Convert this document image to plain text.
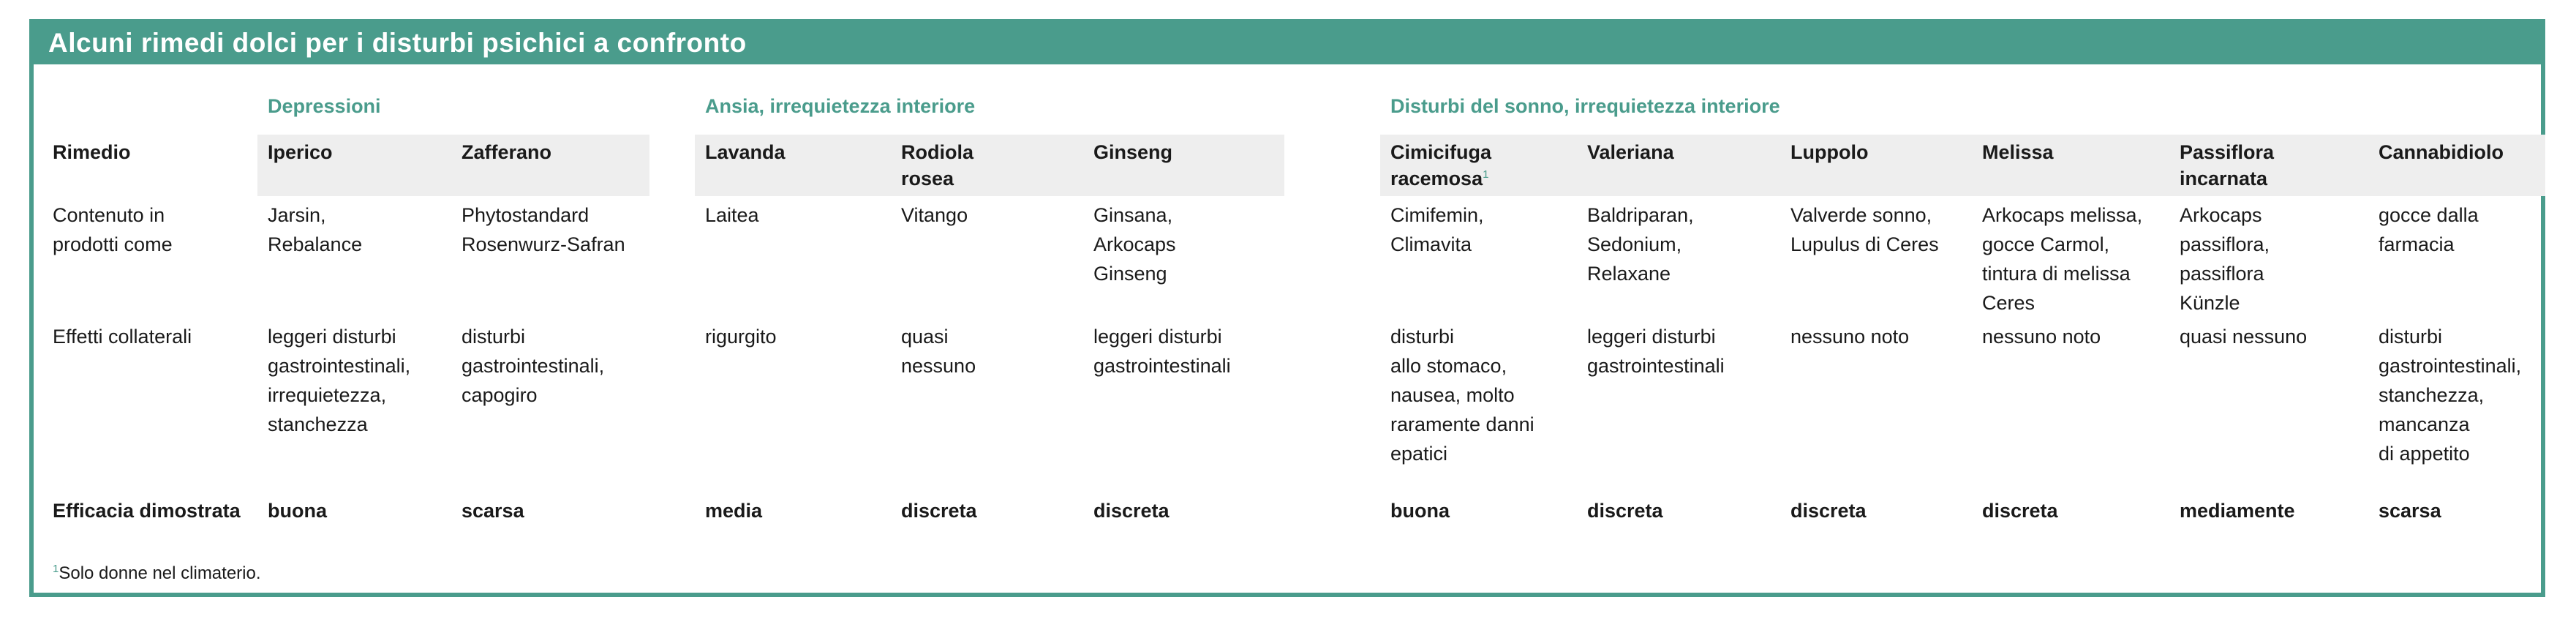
Alcuni rimedi dolci per i disturbi psichici a confronto
Depressioni	Ansia, irrequietezza interiore	Disturbi del sonno, irrequietezza interiore
Rimedio
Contenuto in
prodotti come
Effetti collaterali
Efficacia dimostrata
Iperico
Jarsin,
Rebalance
leggeri disturbi
gastrointestinali,
irrequietezza,
stanchezza
buona
Zafferano
Phytostandard
Rosenwurz-Safran
disturbi
gastrointestinali,
capogiro
scarsa
Lavanda
Laitea
rigurgito
media
Rodiola
rosea
Vitango
quasi
nessuno
discreta
Ginseng
Ginsana,
Arkocaps
Ginseng
leggeri disturbi
gastrointestinali
discreta
Cimicifuga
racemosa$^1$
Cimifemin,
Climavita
disturbi
allo stomaco,
nausea, molto
raramente danni
epatici
buona
Valeriana
Baldriparan,
Sedonium,
Relaxane
leggeri disturbi
gastrointestinali
discreta
Luppolo
Valverde sonno,
Lupulus di Ceres
nessuno noto
discreta
Melissa
Arkocaps melissa,
gocce Carmol,
tintura di melissa
Ceres
nessuno noto
discreta
Passiflora
incarnata
Arkocaps
passiflora,
passiflora
Künzle
quasi nessuno
mediamente
Cannabidiolo
gocce dalla
farmacia
disturbi
gastrointestinali,
stanchezza,
mancanza
di appetito
scarsa
$^1$Solo donne nel climaterio.
